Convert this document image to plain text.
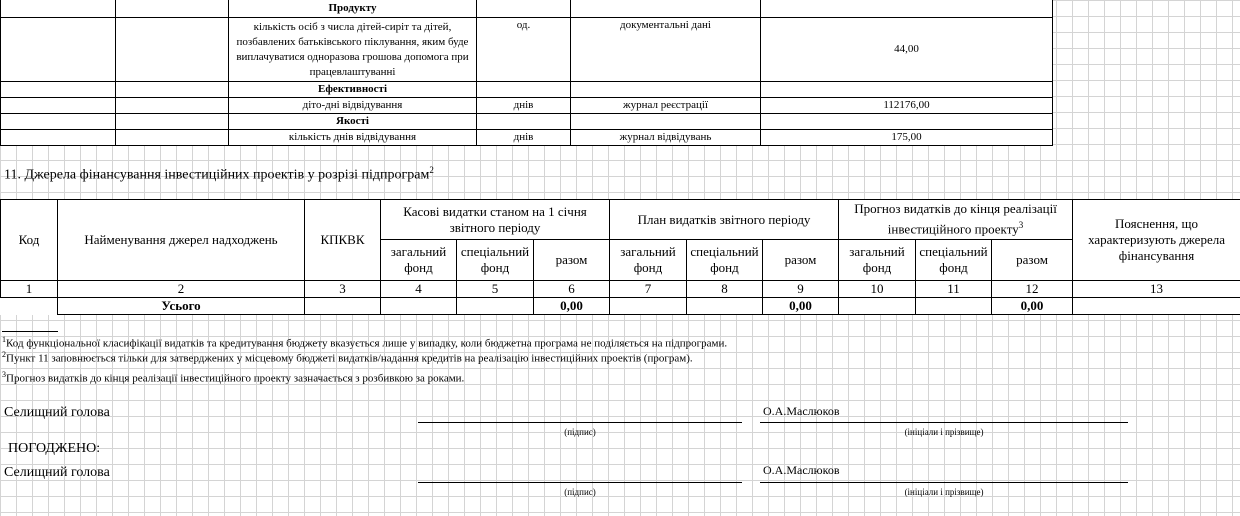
		Продукту			
		кількість осіб з числа дітей-сиріт та дітей, позбавлених батьківського піклування, яким буде виплачуватися одноразова грошова допомога при працевлаштуванні	од.	документальні дані	44,00
		Ефективності			
		діто-дні відвідування	днів	журнал реєстрації	112176,00
		Якості			
		кількість днів відвідування	днів	журнал відвідувань	175,00
11. Джерела фінансування інвестиційних проектів у розрізі підпрограм$^2$
Код	Найменування джерел надходжень	КПКВК	Касові видатки станом на 1 січня звітного періоду			План видатків звітного періоду			Прогноз видатків до кінця реалізації інвестиційного проекту$^3$			Пояснення, що характеризують джерела фінансування
			загальний фонд	спеціальний фонд	разом	загальний фонд	спеціальний фонд	разом	загальний фонд	спеціальний фонд	разом	
1	2	3	4	5	6	7	8	9	10	11	12	13
	Усього				0,00			0,00			0,00	
$^1$Код функціональної класифікації видатків та кредитування бюджету вказується лише у випадку, коли бюджетна програма не поділяється на підпрограми.
$^2$Пункт 11 заповнюється тільки для затверджених у місцевому бюджеті видатків/надання кредитів на реалізацію інвестиційних проектів (програм).
$^3$Прогноз видатків до кінця реалізації інвестиційного проекту зазначається з розбивкою за роками.
Селищний голова	О.А.Маслюков
(підпис)	(ініціали і прізвище)
ПОГОДЖЕНО:
Селищний голова	О.А.Маслюков
(підпис)	(ініціали і прізвище)
